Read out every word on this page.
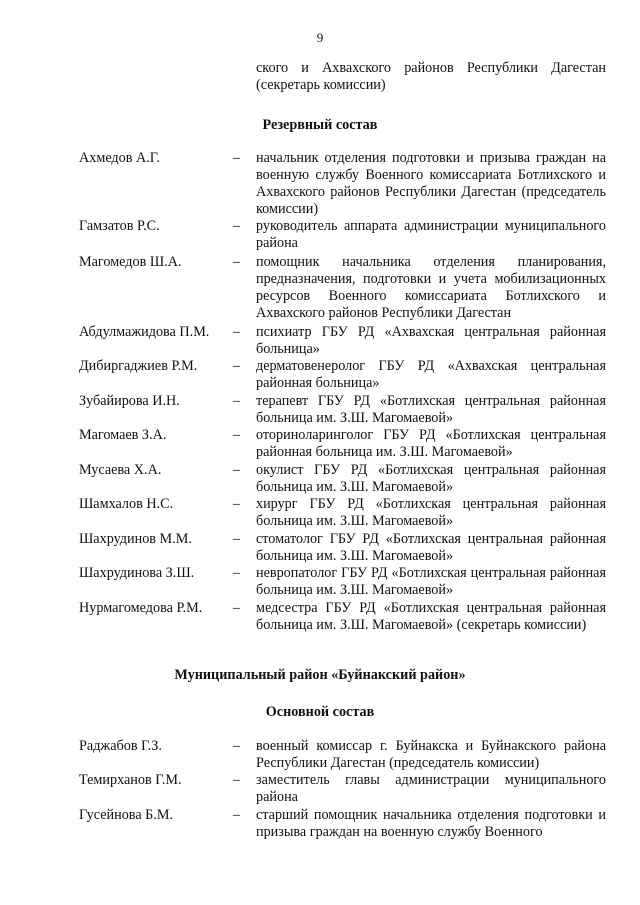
9
ского и Ахвахского районов Республики Дагестан (секретарь комиссии)
Резервный состав
Ахмедов А.Г.	– начальник отделения подготовки и призыва граждан на военную службу Военного комиссариата Ботлихского и Ахвахского районов Республики Дагестан (председатель комиссии)
Гамзатов Р.С.	– руководитель аппарата администрации муниципального района
Магомедов Ш.А.	– помощник начальника отделения планирования, предназначения, подготовки и учета мобилизационных ресурсов Военного комиссариата Ботлихского и Ахвахского районов Республики Дагестан
Абдулмажидова П.М. – психиатр ГБУ РД «Ахвахская центральная районная больница»
Дибиргаджиев Р.М.	– дерматовенеролог ГБУ РД «Ахвахская центральная районная больница»
Зубайирова И.Н.	– терапевт ГБУ РД «Ботлихская центральная районная больница им. З.Ш. Магомаевой»
Магомаев З.А.	– оториноларинголог ГБУ РД «Ботлихская центральная районная больница им. З.Ш. Магомаевой»
Мусаева Х.А.	– окулист ГБУ РД «Ботлихская центральная районная больница им. З.Ш. Магомаевой»
Шамхалов Н.С.	– хирург ГБУ РД «Ботлихская центральная районная больница им. З.Ш. Магомаевой»
Шахрудинов М.М.	– стоматолог ГБУ РД «Ботлихская центральная районная больница им. З.Ш. Магомаевой»
Шахрудинова З.Ш.	– невропатолог ГБУ РД «Ботлихская центральная районная больница им. З.Ш. Магомаевой»
Нурмагомедова Р.М. – медсестра ГБУ РД «Ботлихская центральная районная больница им. З.Ш. Магомаевой» (секретарь комиссии)
Муниципальный район «Буйнакский район»
Основной состав
Раджабов Г.З.	– военный комиссар г. Буйнакска и Буйнакского района Республики Дагестан (председатель комиссии)
Темирханов Г.М.	– заместитель главы администрации муниципального района
Гусейнова Б.М.	– старший помощник начальника отделения подготовки и призыва граждан на военную службу Военного
